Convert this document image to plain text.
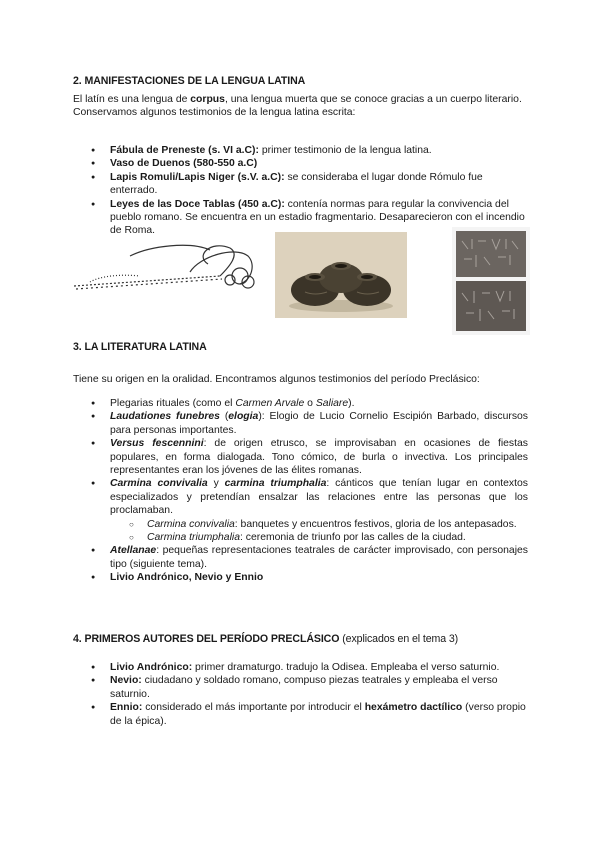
2. MANIFESTACIONES DE LA LENGUA LATINA
El latín es una lengua de corpus, una lengua muerta que se conoce gracias a un cuerpo literario. Conservamos algunos testimonios de la lengua latina escrita:
● Fábula de Preneste (s. VI a.C): primer testimonio de la lengua latina.
● Vaso de Duenos (580-550 a.C)
● Lapis Romuli/Lapis Niger (s.V. a.C): se consideraba el lugar donde Rómulo fue enterrado.
● Leyes de las Doce Tablas (450 a.C): contenía normas para regular la convivencia del pueblo romano. Se encuentra en un estadio fragmentario. Desaparecieron con el incendio de Roma.
3. LA LITERATURA LATINA
Tiene su origen en la oralidad. Encontramos algunos testimonios del período Preclásico:
● Plegarias rituales (como el Carmen Arvale o Saliare).
● Laudationes funebres (elogia): Elogio de Lucio Cornelio Escipión Barbado, discursos para personas importantes.
● Versus fescennini: de origen etrusco, se improvisaban en ocasiones de fiestas populares, en forma dialogada. Tono cómico, de burla o invectiva. Los principales representantes eran los jóvenes de las élites romanas.
● Carmina convivalia y carmina triumphalia: cánticos que tenían lugar en contextos especializados y pretendían ensalzar las relaciones entre las personas que los proclamaban.
○ Carmina convivalia: banquetes y encuentros festivos, gloria de los antepasados.
○ Carmina triumphalia: ceremonia de triunfo por las calles de la ciudad.
● Atellanae: pequeñas representaciones teatrales de carácter improvisado, con personajes tipo (siguiente tema).
● Livio Andrónico, Nevio y Ennio
4. PRIMEROS AUTORES DEL PERÍODO PRECLÁSICO (explicados en el tema 3)
● Livio Andrónico: primer dramaturgo. tradujo la Odisea. Empleaba el verso saturnio.
● Nevio: ciudadano y soldado romano, compuso piezas teatrales y empleaba el verso saturnio.
● Ennio: considerado el más importante por introducir el hexámetro dactílico (verso propio de la épica).
